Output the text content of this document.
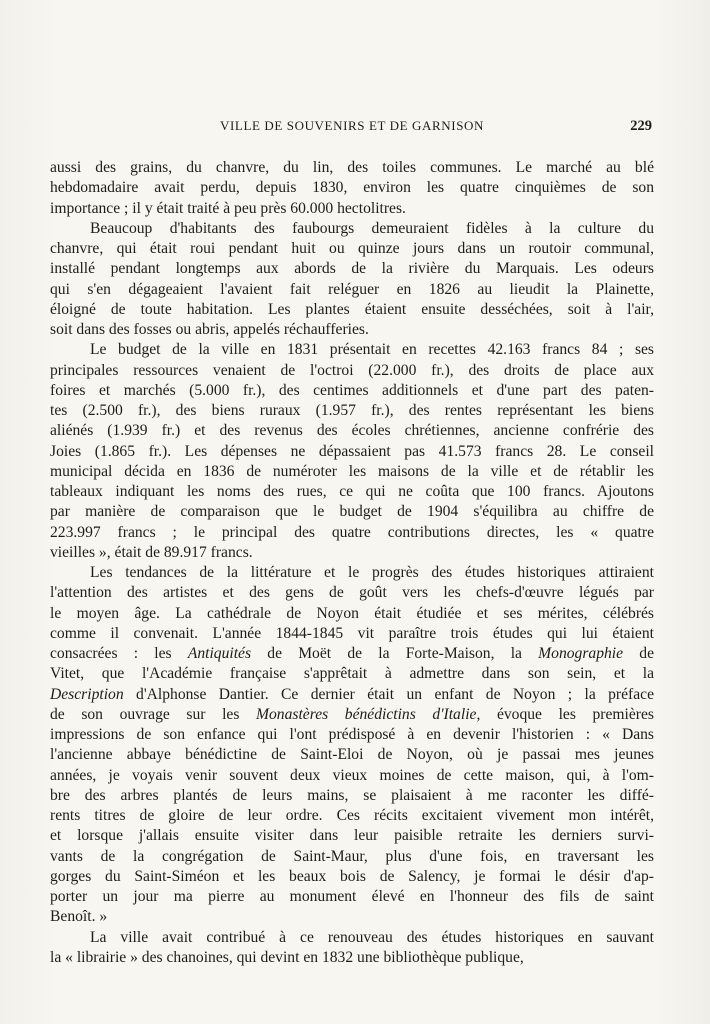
VILLE DE SOUVENIRS ET DE GARNISON	229

aussi des grains, du chanvre, du lin, des toiles communes. Le marché au blé
hebdomadaire avait perdu, depuis 1830, environ les quatre cinquièmes de son
importance ; il y était traité à peu près 60.000 hectolitres.

Beaucoup d'habitants des faubourgs demeuraient fidèles à la culture du
chanvre, qui était roui pendant huit ou quinze jours dans un routoir communal,
installé pendant longtemps aux abords de la rivière du Marquais. Les odeurs
qui s'en dégageaient l'avaient fait reléguer en 1826 au lieudit la Plainette,
éloigné de toute habitation. Les plantes étaient ensuite desséchées, soit à l'air,
soit dans des fosses ou abris, appelés réchaufferies.

Le budget de la ville en 1831 présentait en recettes 42.163 francs 84 ; ses
principales ressources venaient de l'octroi (22.000 fr.), des droits de place aux
foires et marchés (5.000 fr.), des centimes additionnels et d'une part des paten-
tes (2.500 fr.), des biens ruraux (1.957 fr.), des rentes représentant les biens
aliénés (1.939 fr.) et des revenus des écoles chrétiennes, ancienne confrérie des
Joies (1.865 fr.). Les dépenses ne dépassaient pas 41.573 francs 28. Le conseil
municipal décida en 1836 de numéroter les maisons de la ville et de rétablir les
tableaux indiquant les noms des rues, ce qui ne coûta que 100 francs. Ajoutons
par manière de comparaison que le budget de 1904 s'équilibra au chiffre de
223.997 francs ; le principal des quatre contributions directes, les « quatre
vieilles », était de 89.917 francs.

Les tendances de la littérature et le progrès des études historiques attiraient
l'attention des artistes et des gens de goût vers les chefs-d'œuvre légués par
le moyen âge. La cathédrale de Noyon était étudiée et ses mérites, célébrés
comme il convenait. L'année 1844-1845 vit paraître trois études qui lui étaient
consacrées : les Antiquités de Moët de la Forte-Maison, la Monographie de
Vitet, que l'Académie française s'apprêtait à admettre dans son sein, et la
Description d'Alphonse Dantier. Ce dernier était un enfant de Noyon ; la préface
de son ouvrage sur les Monastères bénédictins d'Italie, évoque les premières
impressions de son enfance qui l'ont prédisposé à en devenir l'historien : « Dans
l'ancienne abbaye bénédictine de Saint-Eloi de Noyon, où je passai mes jeunes
années, je voyais venir souvent deux vieux moines de cette maison, qui, à l'om-
bre des arbres plantés de leurs mains, se plaisaient à me raconter les diffé-
rents titres de gloire de leur ordre. Ces récits excitaient vivement mon intérêt,
et lorsque j'allais ensuite visiter dans leur paisible retraite les derniers survi-
vants de la congrégation de Saint-Maur, plus d'une fois, en traversant les
gorges du Saint-Siméon et les beaux bois de Salency, je formai le désir d'ap-
porter un jour ma pierre au monument élevé en l'honneur des fils de saint
Benoît. »

La ville avait contribué à ce renouveau des études historiques en sauvant
la « librairie » des chanoines, qui devint en 1832 une bibliothèque publique,
